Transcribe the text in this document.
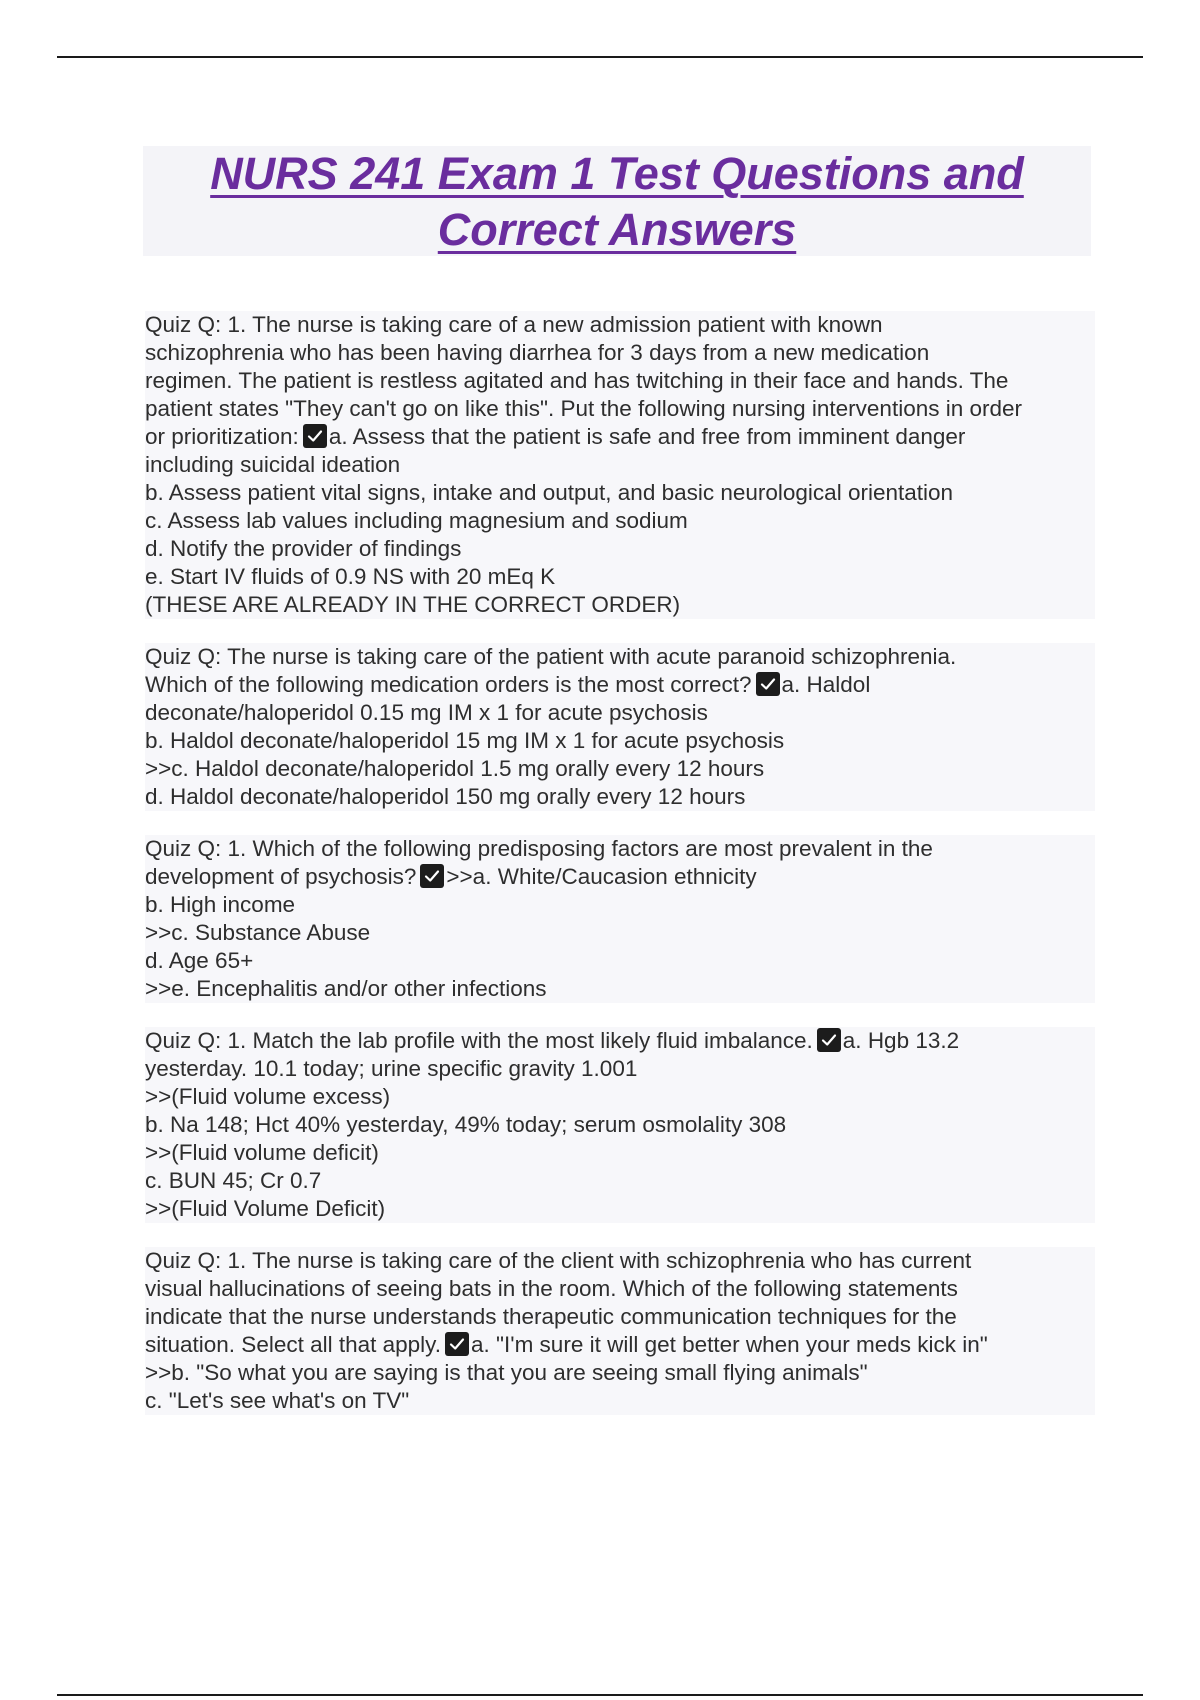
NURS 241 Exam 1 Test Questions and
Correct Answers
Quiz Q: 1. The nurse is taking care of a new admission patient with known
schizophrenia who has been having diarrhea for 3 days from a new medication
regimen. The patient is restless agitated and has twitching in their face and hands. The
patient states "They can't go on like this". Put the following nursing interventions in order
or prioritization: a. Assess that the patient is safe and free from imminent danger
including suicidal ideation
b. Assess patient vital signs, intake and output, and basic neurological orientation
c. Assess lab values including magnesium and sodium
d. Notify the provider of findings
e. Start IV fluids of 0.9 NS with 20 mEq K
(THESE ARE ALREADY IN THE CORRECT ORDER)
Quiz Q: The nurse is taking care of the patient with acute paranoid schizophrenia.
Which of the following medication orders is the most correct? a. Haldol
deconate/haloperidol 0.15 mg IM x 1 for acute psychosis
b. Haldol deconate/haloperidol 15 mg IM x 1 for acute psychosis
>>c. Haldol deconate/haloperidol 1.5 mg orally every 12 hours
d. Haldol deconate/haloperidol 150 mg orally every 12 hours
Quiz Q: 1. Which of the following predisposing factors are most prevalent in the
development of psychosis? >>a. White/Caucasion ethnicity
b. High income
>>c. Substance Abuse
d. Age 65+
>>e. Encephalitis and/or other infections
Quiz Q: 1. Match the lab profile with the most likely fluid imbalance. a. Hgb 13.2
yesterday. 10.1 today; urine specific gravity 1.001
>>(Fluid volume excess)
b. Na 148; Hct 40% yesterday, 49% today; serum osmolality 308
>>(Fluid volume deficit)
c. BUN 45; Cr 0.7
>>(Fluid Volume Deficit)
Quiz Q: 1. The nurse is taking care of the client with schizophrenia who has current
visual hallucinations of seeing bats in the room. Which of the following statements
indicate that the nurse understands therapeutic communication techniques for the
situation. Select all that apply. a. "I'm sure it will get better when your meds kick in"
>>b. "So what you are saying is that you are seeing small flying animals"
c. "Let's see what's on TV"
